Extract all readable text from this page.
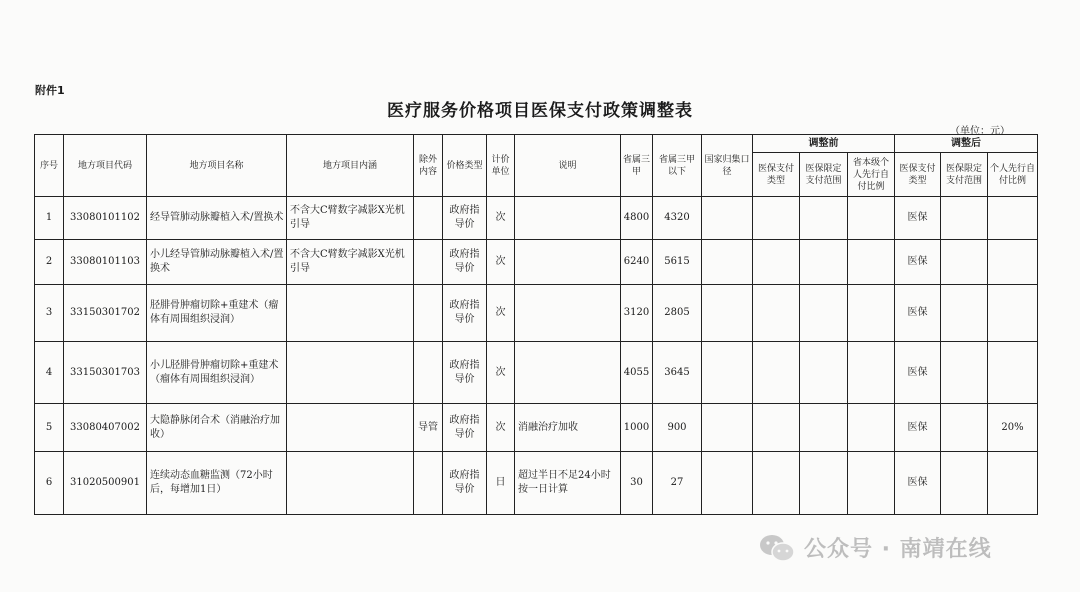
附件1
医疗服务价格项目医保支付政策调整表
（单位：元）
序号	地方项目代码	地方项目名称	地方项目内涵	除外内容	价格类型	计价单位	说明	省属三甲	省属三甲以下	国家归集口径	调整前			调整后		
											医保支付类型	医保限定支付范围	省本级个人先行自付比例	医保支付类型	医保限定支付范围	个人先行自付比例
1	33080101102	经导管肺动脉瓣植入术/置换术	不含大C臂数字减影X光机引导		政府指导价	次		4800	4320					医保		
2	33080101103	小儿经导管肺动脉瓣植入术/置换术	不含大C臂数字减影X光机引导		政府指导价	次		6240	5615					医保		
3	33150301702	胫腓骨肿瘤切除+重建术（瘤体有周围组织浸润）			政府指导价	次		3120	2805					医保		
4	33150301703	小儿胫腓骨肿瘤切除+重建术（瘤体有周围组织浸润）			政府指导价	次		4055	3645					医保		
5	33080407002	大隐静脉闭合术（消融治疗加收）		导管	政府指导价	次	消融治疗加收	1000	900					医保		20%
6	31020500901	连续动态血糖监测（72小时后，每增加1日）			政府指导价	日	超过半日不足24小时按一日计算	30	27					医保		
公众号 · 南靖在线
